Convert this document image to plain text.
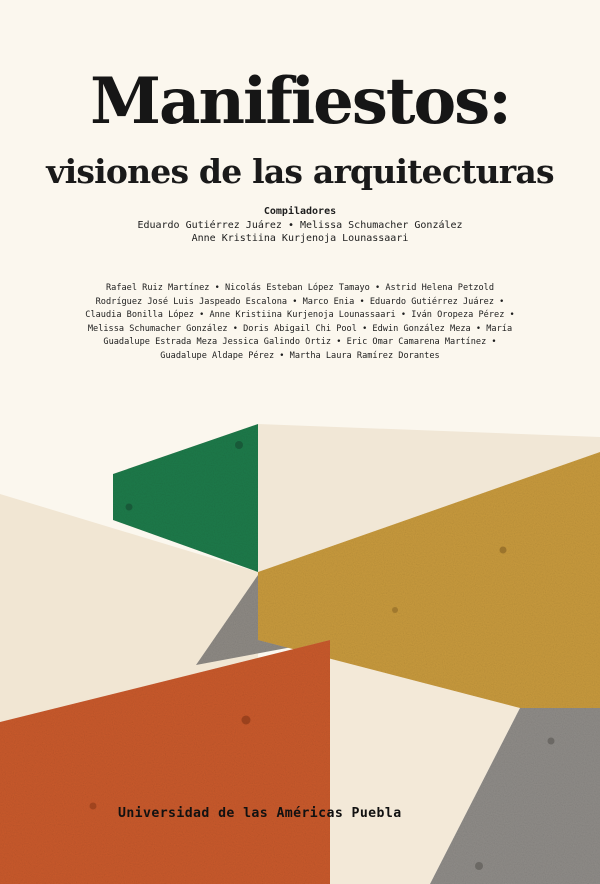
Manifiestos:
visiones de las arquitecturas
Compiladores
Eduardo Gutiérrez Juárez • Melissa Schumacher González
Anne Kristiina Kurjenoja Lounassaari
Rafael Ruiz Martínez • Nicolás Esteban López Tamayo • Astrid Helena Petzold Rodríguez José Luis Jaspeado Escalona • Marco Enia • Eduardo Gutiérrez Juárez • Claudia Bonilla López • Anne Kristiina Kurjenoja Lounassaari • Iván Oropeza Pérez • Melissa Schumacher González • Doris Abigail Chi Pool • Edwin González Meza • María Guadalupe Estrada Meza Jessica Galindo Ortiz • Eric Omar Camarena Martínez • Guadalupe Aldape Pérez • Martha Laura Ramírez Dorantes
Universidad de las Américas Puebla
